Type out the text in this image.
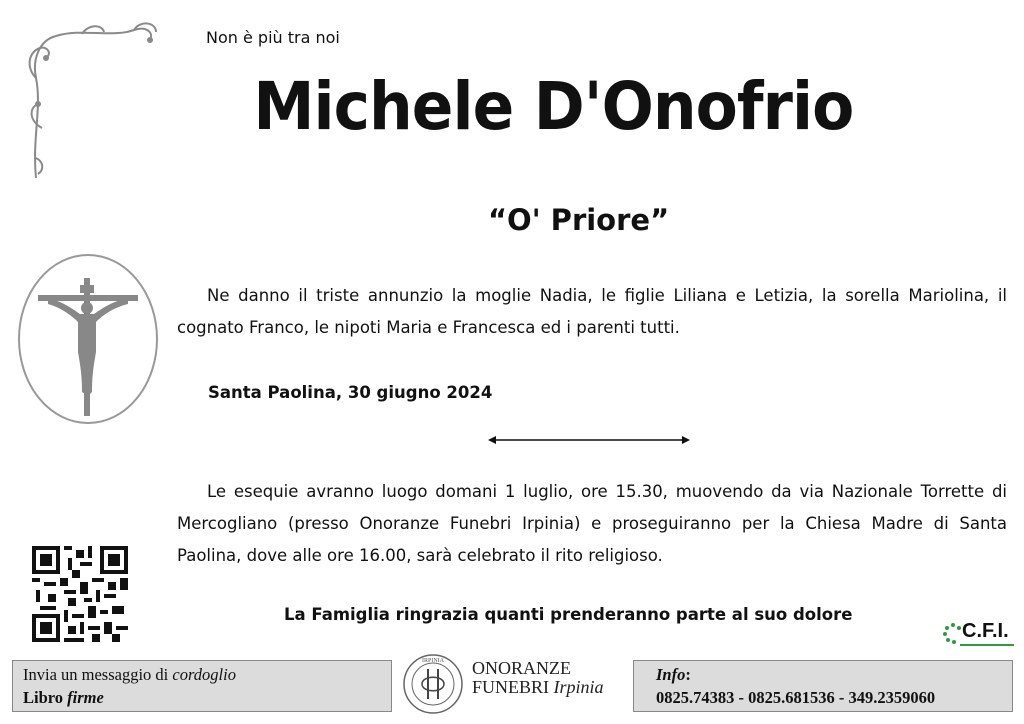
Non è più tra noi
Michele D'Onofrio
“O' Priore”

Ne danno il triste annunzio la moglie Nadia, le figlie Liliana e Letizia, la sorella Mariolina, il cognato Franco, le nipoti Maria e Francesca ed i parenti tutti.

Santa Paolina, 30 giugno 2024

Le esequie avranno luogo domani 1 luglio, ore 15.30, muovendo da via Nazionale Torrette di Mercogliano (presso Onoranze Funebri Irpinia) e proseguiranno per la Chiesa Madre di Santa Paolina, dove alle ore 16.00, sarà celebrato il rito religioso.

La Famiglia ringrazia quanti prenderanno parte al suo dolore
C.F.I.
Invia un messaggio di cordoglio
Libro firme
IRPINIA ONORANZE
FUNEBRI Irpinia
Info:
0825.74383 - 0825.681536 - 349.2359060
